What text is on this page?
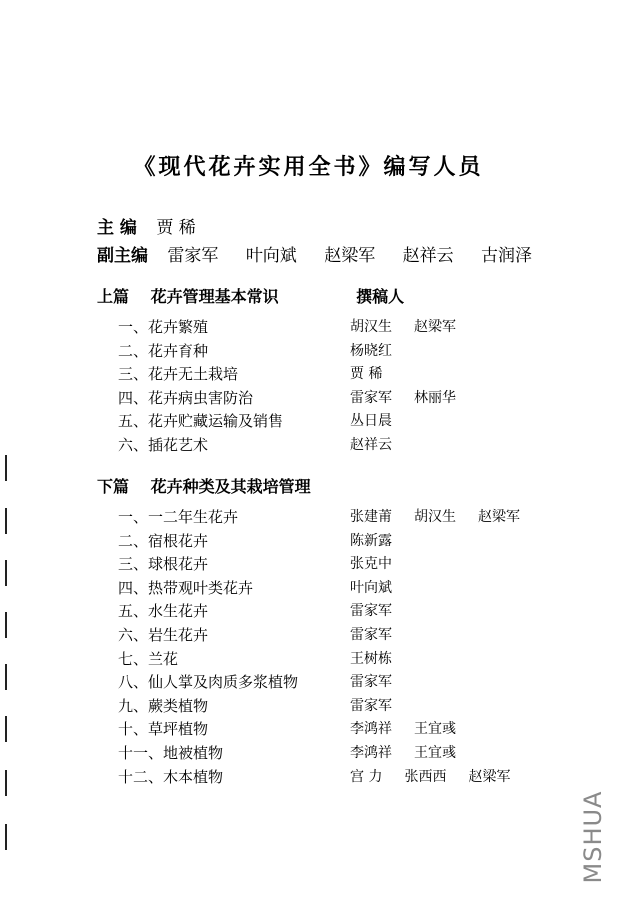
《现代花卉实用全书》编写人员
主 编 贾 稀
副主编 雷家军 叶向斌 赵梁军 赵祥云 古润泽
上篇 花卉管理基本常识	撰稿人
一、花卉繁殖	胡汉生 赵梁军
二、花卉育种	杨晓红
三、花卉无土栽培	贾 稀
四、花卉病虫害防治	雷家军 林丽华
五、花卉贮藏运输及销售	丛日晨
六、插花艺术	赵祥云
下篇 花卉种类及其栽培管理
一、一二年生花卉	张建莆 胡汉生 赵梁军
二、宿根花卉	陈新露
三、球根花卉	张克中
四、热带观叶类花卉	叶向斌
五、水生花卉	雷家军
六、岩生花卉	雷家军
七、兰花	王树栋
八、仙人掌及肉质多浆植物	雷家军
九、蕨类植物	雷家军
十、草坪植物	李鸿祥 王宜彧
十一、地被植物	李鸿祥 王宜彧
十二、木本植物	宫 力 张西西 赵梁军
MSHUA
